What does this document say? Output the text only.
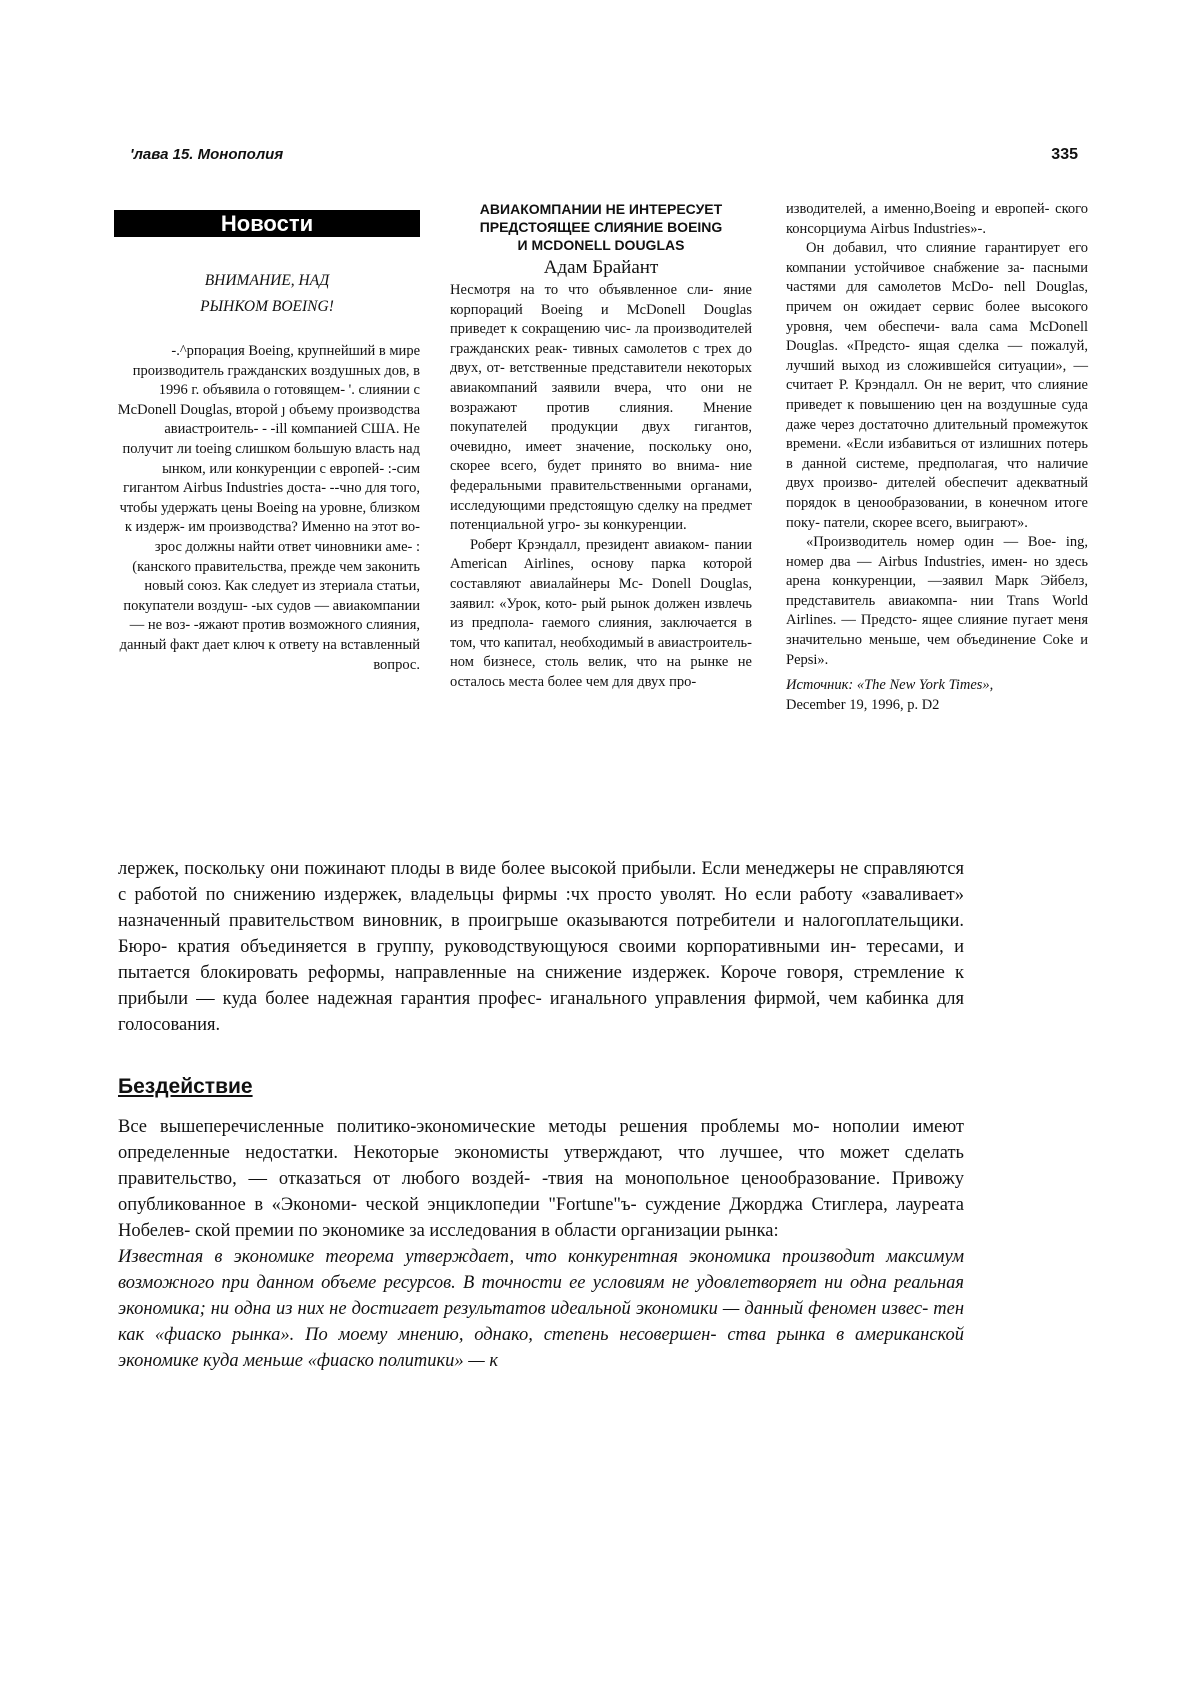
'лава 15. Монополия	335
Новости
ВНИМАНИЕ, НАД
РЫНКОМ BOEING!

-.^рпорация Boeing, крупнейший в мире производитель гражданских воздушных дов, в 1996 г. объявила о готовящем- '. слиянии с McDonell Douglas, второй ȷ объему производства авиастроитель- - -ill компанией США. Не получит ли toeing слишком большую власть над ынком, или конкуренции с европей- :-сим гигантом Airbus Industries доста- --чно для того, чтобы удержать цены Boeing на уровне, близком к издерж- им производства? Именно на этот во- зрос должны найти ответ чиновники аме- : (канского правительства, прежде чем законить новый союз. Как следует из зтериала статьи, покупатели воздуш- -ых судов — авиакомпании — не воз- -яжают против возможного слияния, данный факт дает ключ к ответу на вставленный вопрос.

АВИАКОМПАНИИ НЕ ИНТЕРЕСУЕТ
ПРЕДСТОЯЩЕЕ СЛИЯНИЕ BOEING
И MCDONELL DOUGLAS
Адам Брайант

Несмотря на то что объявленное сли- яние корпораций Boeing и McDonell Douglas приведет к сокращению чис- ла производителей гражданских реак- тивных самолетов с трех до двух, от- ветственные представители некоторых авиакомпаний заявили вчера, что они не возражают против слияния. Мнение покупателей продукции двух гигантов, очевидно, имеет значение, поскольку оно, скорее всего, будет принято во внима- ние федеральными правительственными органами, исследующими предстоящую сделку на предмет потенциальной угро- зы конкуренции.

Роберт Крэндалл, президент авиаком- пании American Airlines, основу парка которой составляют авиалайнеры Mc- Donell Douglas, заявил: «Урок, кото- рый рынок должен извлечь из предпола- гаемого слияния, заключается в том, что капитал, необходимый в авиастроитель- ном бизнесе, столь велик, что на рынке не осталось места более чем для двух про-

изводителей, а именно,Boeing и европей- ского консорциума Airbus Industries»-.

Он добавил, что слияние гарантирует его компании устойчивое снабжение за- пасными частями для самолетов McDo- nell Douglas, причем он ожидает сервис более высокого уровня, чем обеспечи- вала сама McDonell Douglas. «Предсто- ящая сделка — пожалуй, лучший выход из сложившейся ситуации», — считает Р. Крэндалл. Он не верит, что слияние приведет к повышению цен на воздушные суда даже через достаточно длительный промежуток времени. «Если избавиться от излишних потерь в данной системе, предполагая, что наличие двух произво- дителей обеспечит адекватный порядок в ценообразовании, в конечном итоге поку- патели, скорее всего, выиграют».

«Производитель номер один — Boe- ing, номер два — Airbus Industries, имен- но здесь арена конкуренции, —заявил Марк Эйбелз, представитель авиакомпа- нии Trans World Airlines. — Предсто- ящее слияние пугает меня значительно меньше, чем объединение Coke и Pepsi».

Источник: «The New York Times»,
December 19, 1996, p. D2

лержек, поскольку они пожинают плоды в виде более высокой прибыли. Если менеджеры не справляются с работой по снижению издержек, владельцы фирмы :чх просто уволят. Но если работу «заваливает» назначенный правительством виновник, в проигрыше оказываются потребители и налогоплательщики. Бюро- кратия объединяется в группу, руководствующуюся своими корпоративными ин- тересами, и пытается блокировать реформы, направленные на снижение издержек. Короче говоря, стремление к прибыли — куда более надежная гарантия профес- иганального управления фирмой, чем кабинка для голосования.

Бездействие

Все вышеперечисленные политико-экономические методы решения проблемы мо- нополии имеют определенные недостатки. Некоторые экономисты утверждают, что лучшее, что может сделать правительство, — отказаться от любого воздей- -твия на монопольное ценообразование. Привожу опубликованное в «Экономи- ческой энциклопедии "Fortune"ъ- суждение Джорджа Стиглера, лауреата Нобелев- ской премии по экономике за исследования в области организации рынка:

Известная в экономике теорема утверждает, что конкурентная экономика производит максимум возможного при данном объеме ресурсов. В точности ее условиям не удовлетворяет ни одна реальная экономика; ни одна из них не достигает результатов идеальной экономики — данный феномен извес- тен как «фиаско рынка». По моему мнению, однако, степень несовершен- ства рынка в американской экономике куда меньше «фиаско политики» — к
